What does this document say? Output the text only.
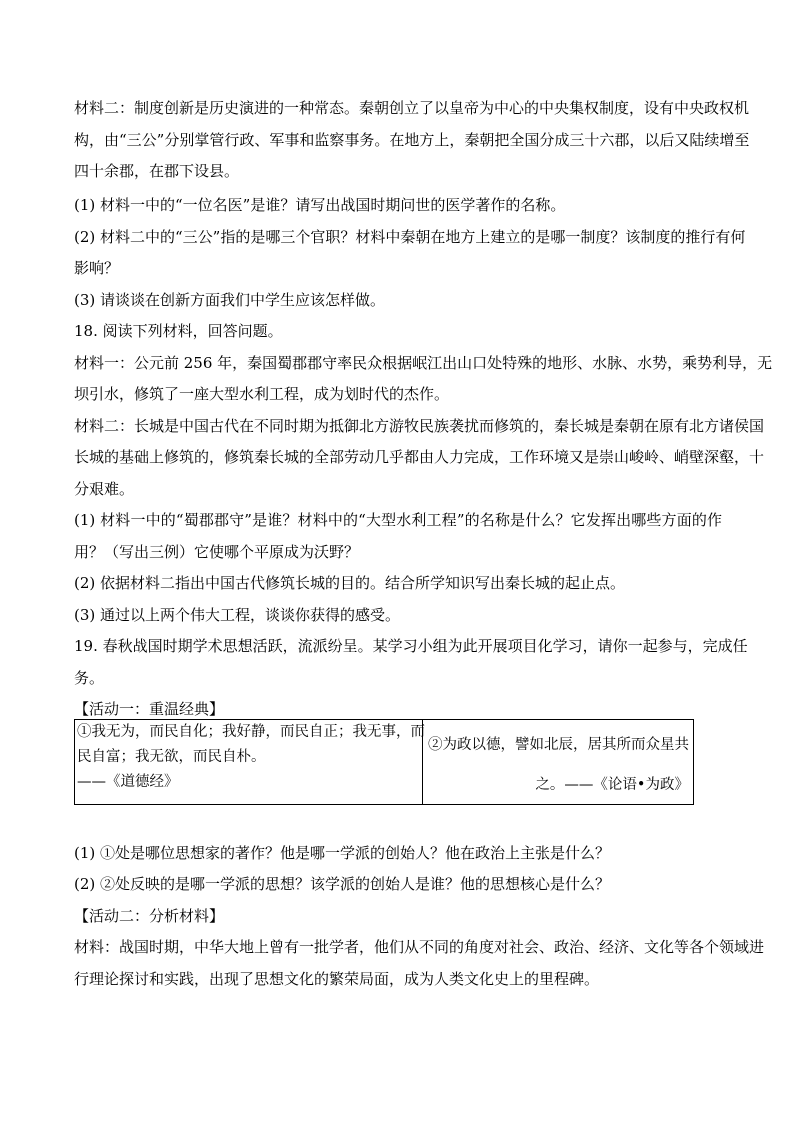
材料二：制度创新是历史演进的一种常态。秦朝创立了以皇帝为中心的中央集权制度，设有中央政权机
构，由“三公”分别掌管行政、军事和监察事务。在地方上，秦朝把全国分成三十六郡，以后又陆续增至
四十余郡，在郡下设县。
(1) 材料一中的“一位名医”是谁？请写出战国时期问世的医学著作的名称。
(2) 材料二中的“三公”指的是哪三个官职？材料中秦朝在地方上建立的是哪一制度？该制度的推行有何
影响？
(3) 请谈谈在创新方面我们中学生应该怎样做。
18. 阅读下列材料，回答问题。
材料一：公元前 256 年，秦国蜀郡郡守率民众根据岷江出山口处特殊的地形、水脉、水势，乘势利导，无
坝引水，修筑了一座大型水利工程，成为划时代的杰作。
材料二：长城是中国古代在不同时期为抵御北方游牧民族袭扰而修筑的，秦长城是秦朝在原有北方诸侯国
长城的基础上修筑的，修筑秦长城的全部劳动几乎都由人力完成，工作环境又是崇山峻岭、峭壁深壑，十
分艰难。
(1) 材料一中的“蜀郡郡守”是谁？材料中的“大型水利工程”的名称是什么？它发挥出哪些方面的作
用？（写出三例）它使哪个平原成为沃野？
(2) 依据材料二指出中国古代修筑长城的目的。结合所学知识写出秦长城的起止点。
(3) 通过以上两个伟大工程，谈谈你获得的感受。
19. 春秋战国时期学术思想活跃，流派纷呈。某学习小组为此开展项目化学习，请你一起参与，完成任
务。
【活动一：重温经典】
①我无为，而民自化；我好静，而民自正；我无事，而
民自富；我无欲，而民自朴。
——《道德经》

②为政以德，譬如北辰，居其所而众星共
之。——《论语•为政》
(1) ①处是哪位思想家的著作？他是哪一学派的创始人？他在政治上主张是什么？
(2) ②处反映的是哪一学派的思想？该学派的创始人是谁？他的思想核心是什么？
【活动二：分析材料】
材料：战国时期，中华大地上曾有一批学者，他们从不同的角度对社会、政治、经济、文化等各个领域进
行理论探讨和实践，出现了思想文化的繁荣局面，成为人类文化史上的里程碑。
